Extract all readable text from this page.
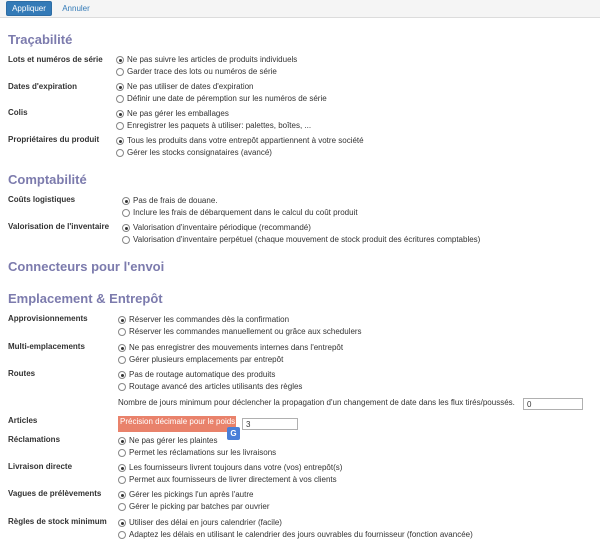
Appliquer	Annuler
Traçabilité
Lots et numéros de série	Ne pas suivre les articles de produits individuels
Garder trace des lots ou numéros de série
Dates d'expiration	Ne pas utiliser de dates d'expiration
Définir une date de péremption sur les numéros de série
Colis	Ne pas gérer les emballages
Enregistrer les paquets à utiliser: palettes, boîtes, ...
Propriétaires du produit	Tous les produits dans votre entrepôt appartiennent à votre société
Gérer les stocks consignataires (avancé)
Comptabilité
Coûts logistiques	Pas de frais de douane.
Inclure les frais de débarquement dans le calcul du coût produit
Valorisation de l'inventaire	Valorisation d'inventaire périodique (recommandé)
Valorisation d'inventaire perpétuel (chaque mouvement de stock produit des écritures comptables)
Connecteurs pour l'envoi
Emplacement & Entrepôt
Approvisionnements	Réserver les commandes dès la confirmation
Réserver les commandes manuellement ou grâce aux schedulers
Multi-emplacements	Ne pas enregistrer des mouvements internes dans l'entrepôt
Gérer plusieurs emplacements par entrepôt
Routes	Pas de routage automatique des produits
Routage avancé des articles utilisants des règles
Nombre de jours minimum pour déclencher la propagation d'un changement de date dans les flux tirés/poussés.
0
Articles	Précision décimale pour le poids
3
G
Réclamations	Ne pas gérer les plaintes
Permet les réclamations sur les livraisons
Livraison directe	Les fournisseurs livrent toujours dans votre (vos) entrepôt(s)
Permet aux fournisseurs de livrer directement à vos clients
Vagues de prélèvements	Gérer les pickings l'un après l'autre
Gérer le picking par batches par ouvrier
Règles de stock minimum	Utiliser des délai en jours calendrier (facile)
Adaptez les délais en utilisant le calendrier des jours ouvrables du fournisseur (fonction avancée)
